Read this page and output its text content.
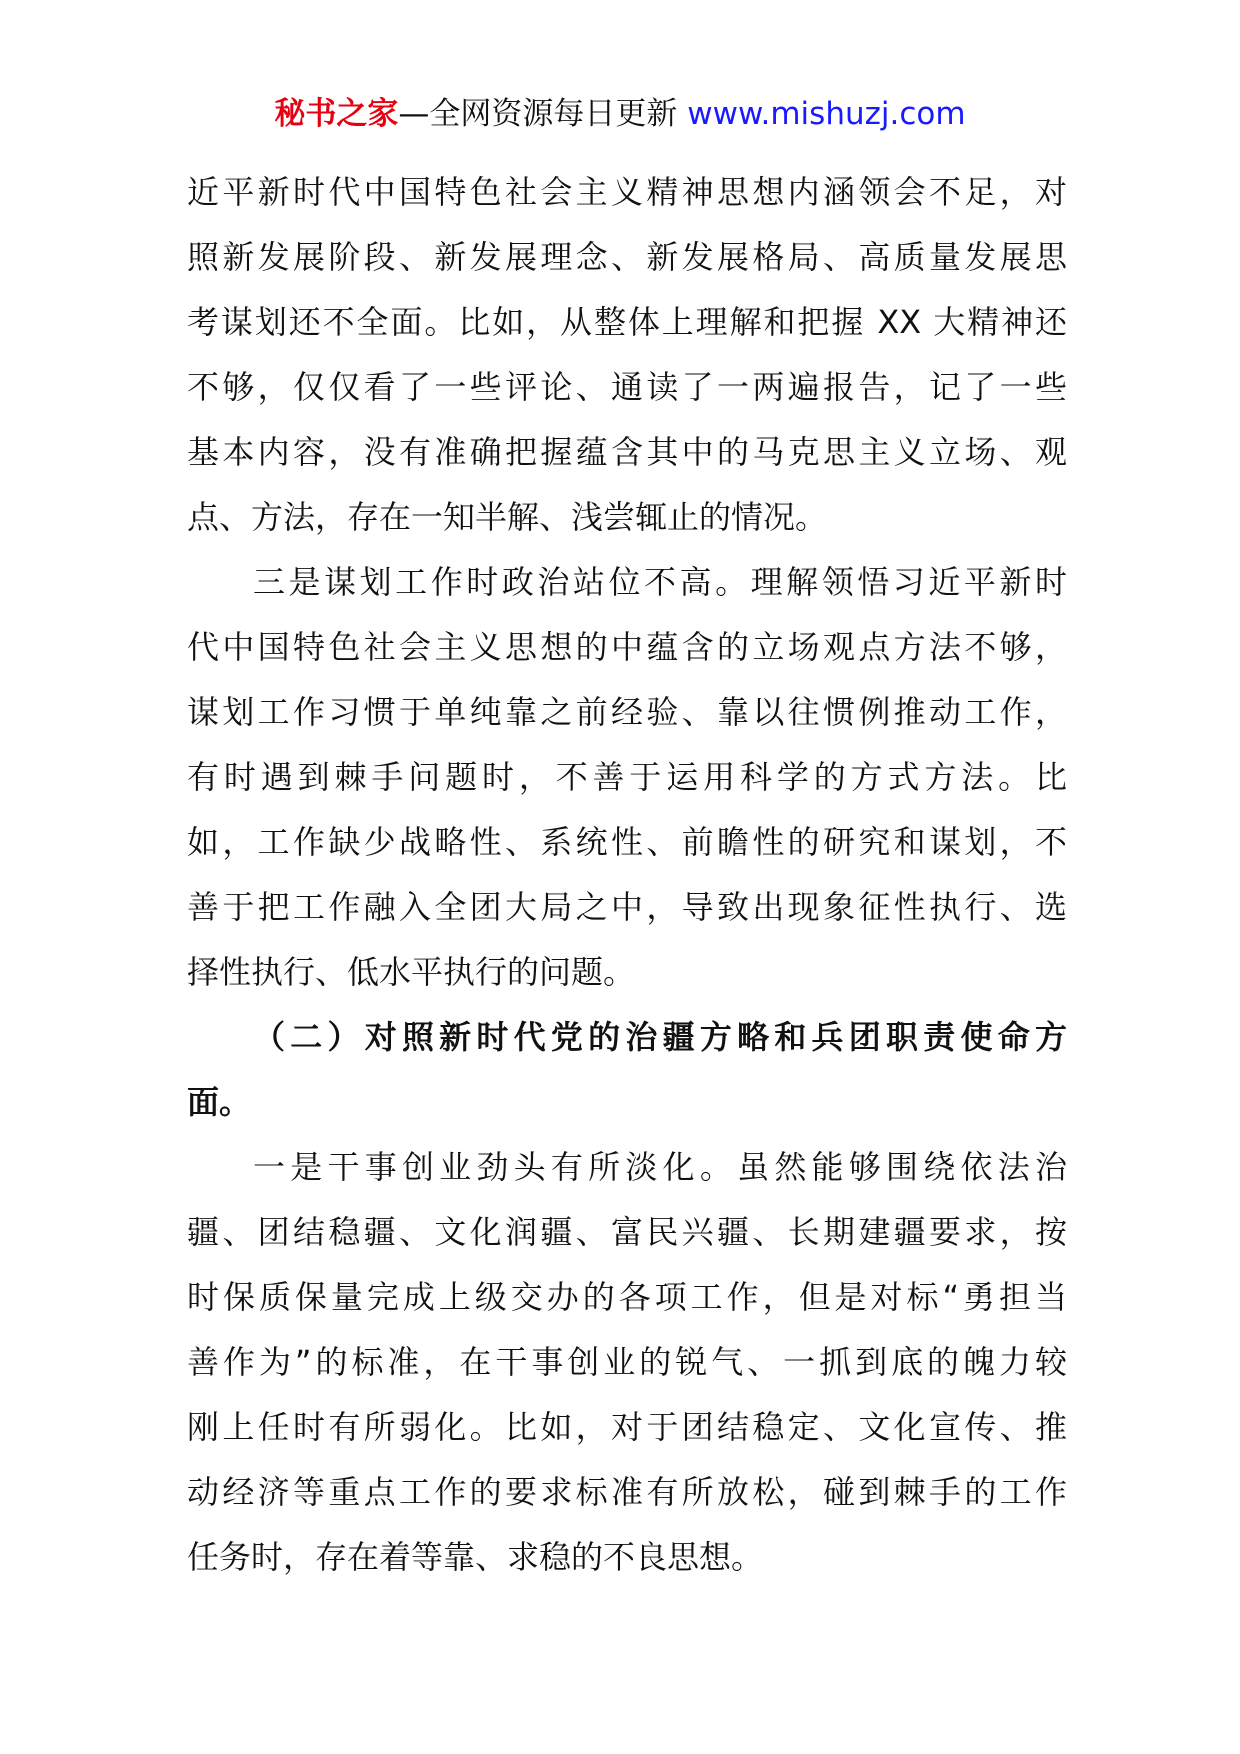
秘书之家—全网资源每日更新 www.mishuzj.com
近平新时代中国特色社会主义精神思想内涵领会不足，对
照新发展阶段、新发展理念、新发展格局、高质量发展思
考谋划还不全面。比如，从整体上理解和把握 XX 大精神还
不够，仅仅看了一些评论、通读了一两遍报告，记了一些
基本内容，没有准确把握蕴含其中的马克思主义立场、观
点、方法，存在一知半解、浅尝辄止的情况。
三是谋划工作时政治站位不高。理解领悟习近平新时
代中国特色社会主义思想的中蕴含的立场观点方法不够，
谋划工作习惯于单纯靠之前经验、靠以往惯例推动工作，
有时遇到棘手问题时，不善于运用科学的方式方法。比
如，工作缺少战略性、系统性、前瞻性的研究和谋划，不
善于把工作融入全团大局之中，导致出现象征性执行、选
择性执行、低水平执行的问题。
（二）对照新时代党的治疆方略和兵团职责使命方
面。
一是干事创业劲头有所淡化。虽然能够围绕依法治
疆、团结稳疆、文化润疆、富民兴疆、长期建疆要求，按
时保质保量完成上级交办的各项工作，但是对标“勇担当
善作为”的标准，在干事创业的锐气、一抓到底的魄力较
刚上任时有所弱化。比如，对于团结稳定、文化宣传、推
动经济等重点工作的要求标准有所放松，碰到棘手的工作
任务时，存在着等靠、求稳的不良思想。
